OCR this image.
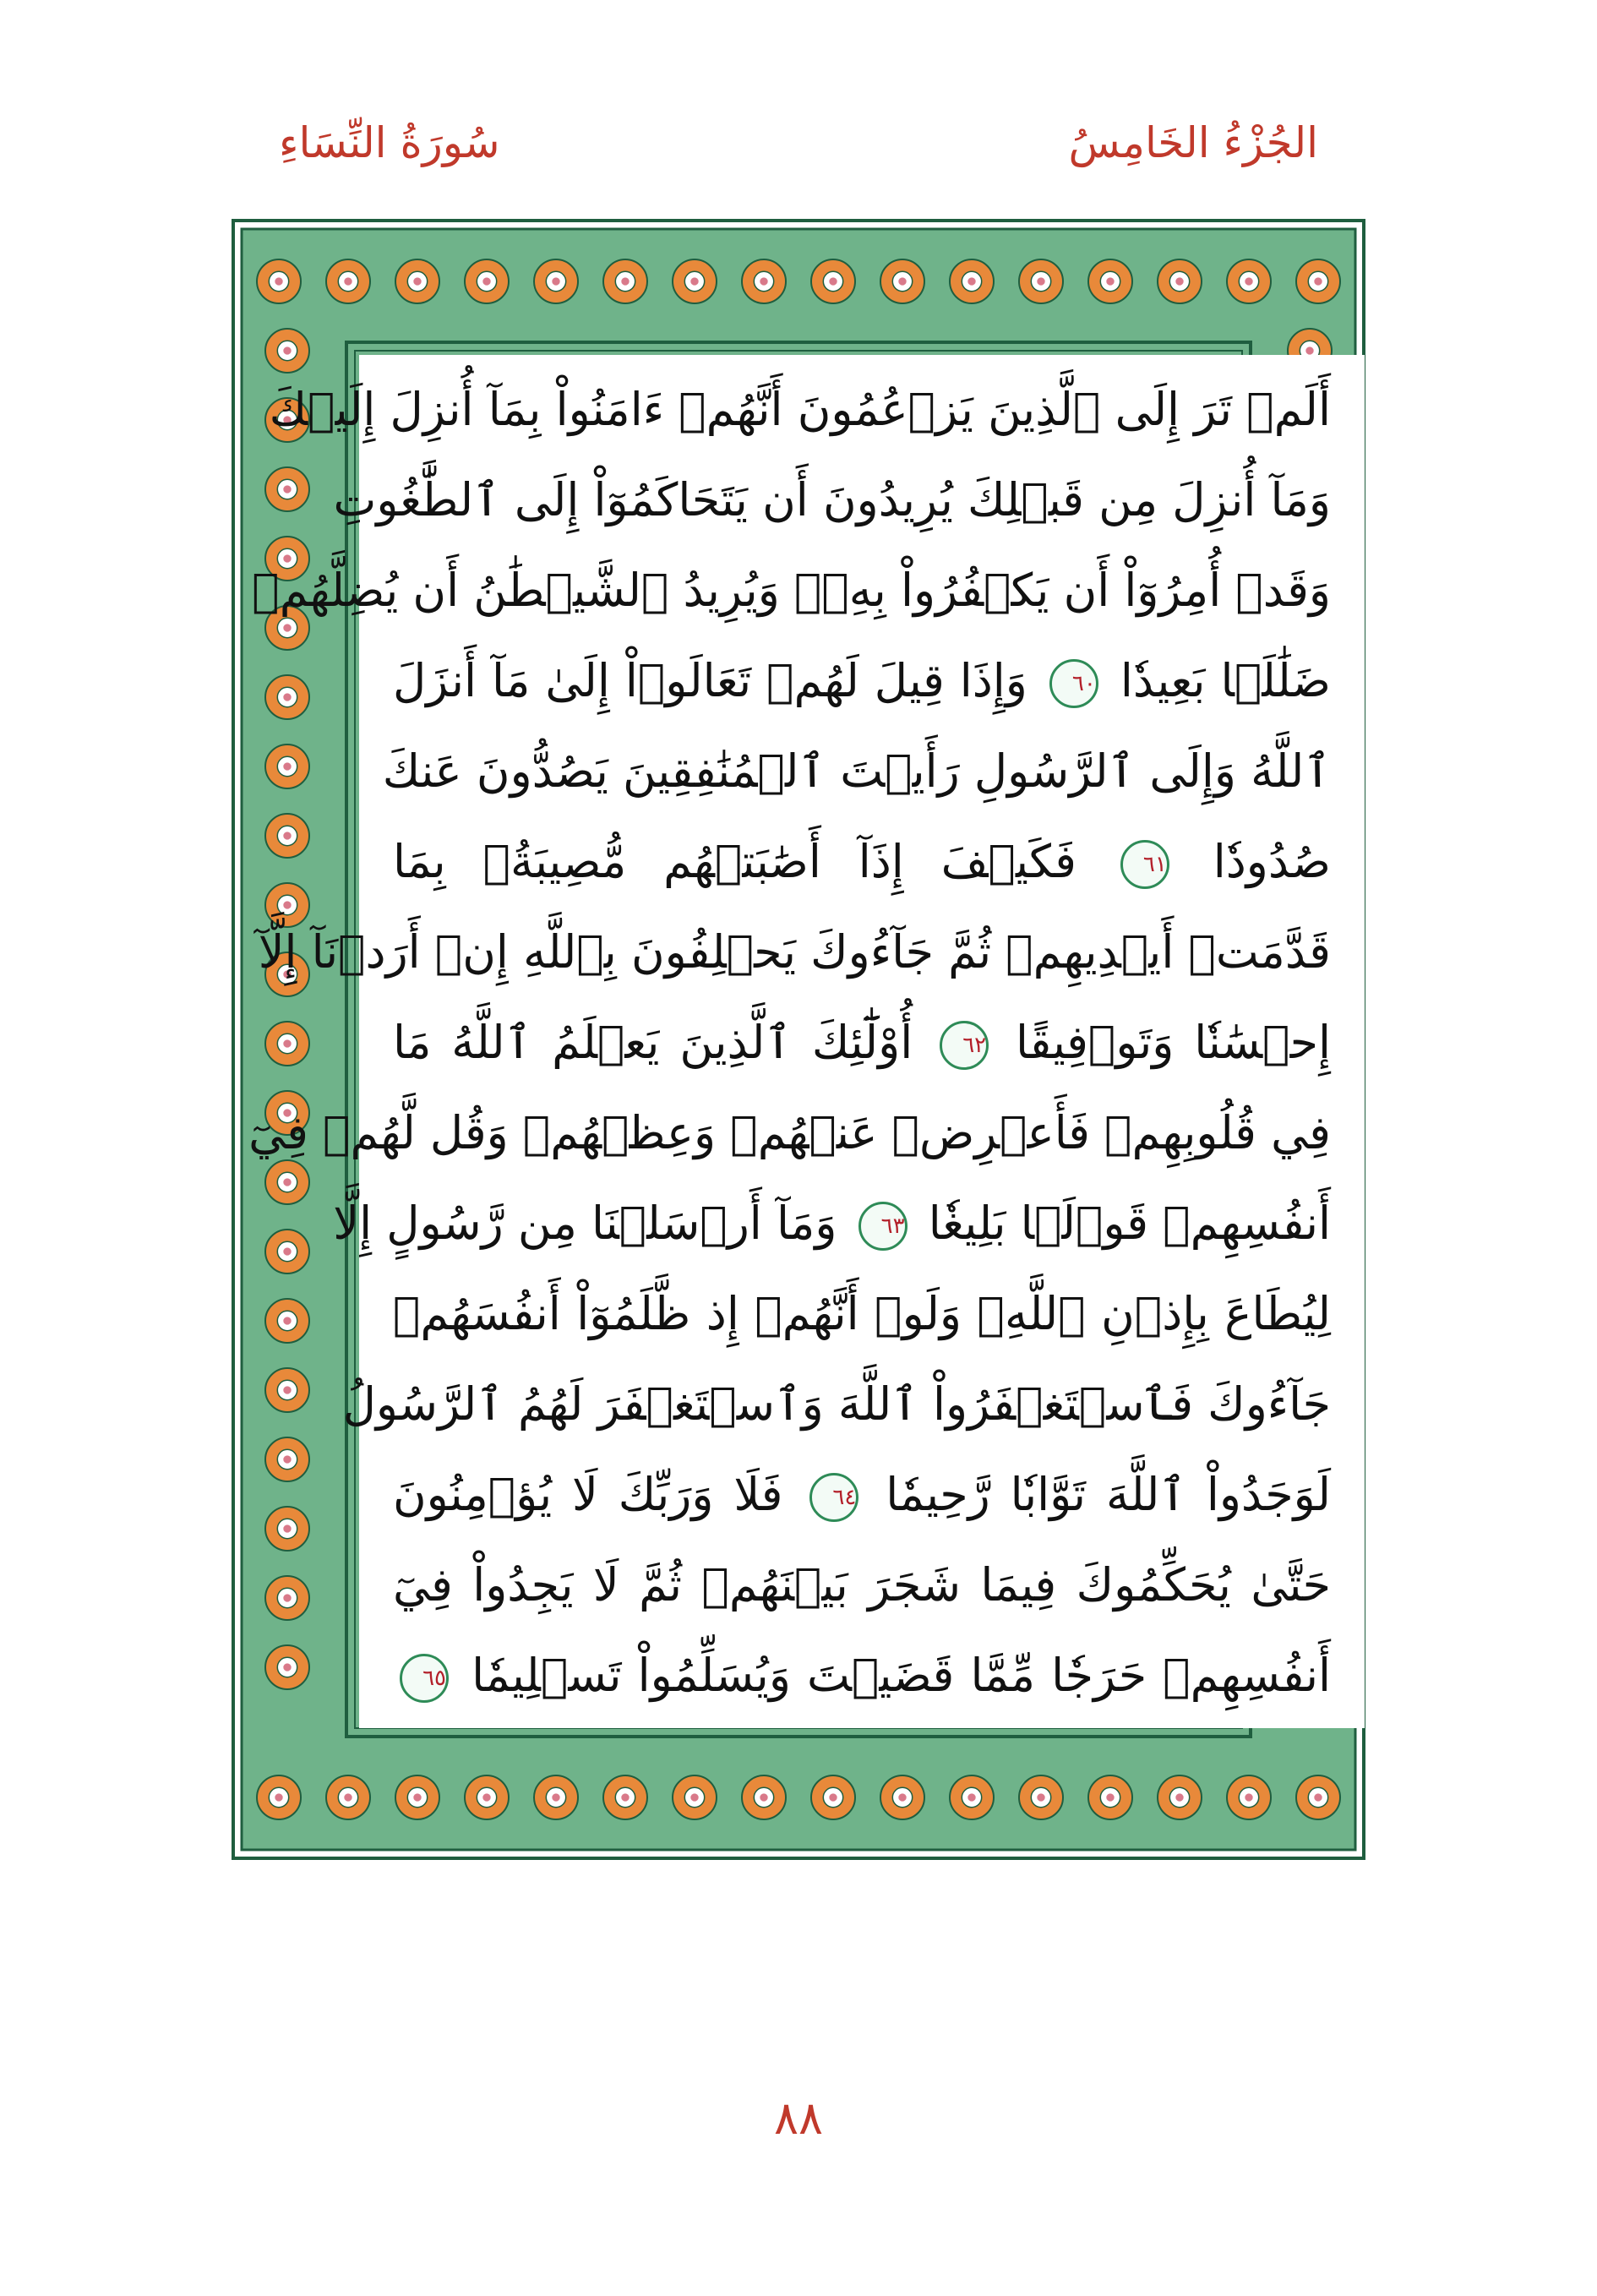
سُورَةُ النِّسَاءِ	الجُزْءُ الخَامِسُ
أَلَمۡ تَرَ إِلَى ٱلَّذِينَ يَزۡعُمُونَ أَنَّهُمۡ ءَامَنُواْ بِمَآ أُنزِلَ إِلَيۡكَ
وَمَآ أُنزِلَ مِن قَبۡلِكَ يُرِيدُونَ أَن يَتَحَاكَمُوٓاْ إِلَى ٱلطَّٰغُوتِ
وَقَدۡ أُمِرُوٓاْ أَن يَكۡفُرُواْ بِهِۦۖ وَيُرِيدُ ٱلشَّيۡطَٰنُ أَن يُضِلَّهُمۡ
ضَلَٰلَۢا بَعِيدٗا ٦٠ وَإِذَا قِيلَ لَهُمۡ تَعَالَوۡاْ إِلَىٰ مَآ أَنزَلَ
ٱللَّهُ وَإِلَى ٱلرَّسُولِ رَأَيۡتَ ٱلۡمُنَٰفِقِينَ يَصُدُّونَ عَنكَ
صُدُودٗا ٦١ فَكَيۡفَ إِذَآ أَصَٰبَتۡهُم مُّصِيبَةُۢ بِمَا
قَدَّمَتۡ أَيۡدِيهِمۡ ثُمَّ جَآءُوكَ يَحۡلِفُونَ بِٱللَّهِ إِنۡ أَرَدۡنَآ إِلَّآ
إِحۡسَٰنٗا وَتَوۡفِيقًا ٦٢ أُوْلَٰٓئِكَ ٱلَّذِينَ يَعۡلَمُ ٱللَّهُ مَا
فِي قُلُوبِهِمۡ فَأَعۡرِضۡ عَنۡهُمۡ وَعِظۡهُمۡ وَقُل لَّهُمۡ فِيٓ
أَنفُسِهِمۡ قَوۡلَۢا بَلِيغٗا ٦٣ وَمَآ أَرۡسَلۡنَا مِن رَّسُولٍ إِلَّا
لِيُطَاعَ بِإِذۡنِ ٱللَّهِۚ وَلَوۡ أَنَّهُمۡ إِذ ظَّلَمُوٓاْ أَنفُسَهُمۡ
جَآءُوكَ فَٱسۡتَغۡفَرُواْ ٱللَّهَ وَٱسۡتَغۡفَرَ لَهُمُ ٱلرَّسُولُ
لَوَجَدُواْ ٱللَّهَ تَوَّابٗا رَّحِيمٗا ٦٤ فَلَا وَرَبِّكَ لَا يُؤۡمِنُونَ
حَتَّىٰ يُحَكِّمُوكَ فِيمَا شَجَرَ بَيۡنَهُمۡ ثُمَّ لَا يَجِدُواْ فِيٓ
أَنفُسِهِمۡ حَرَجٗا مِّمَّا قَضَيۡتَ وَيُسَلِّمُواْ تَسۡلِيمٗا ٦٥
٨٨
